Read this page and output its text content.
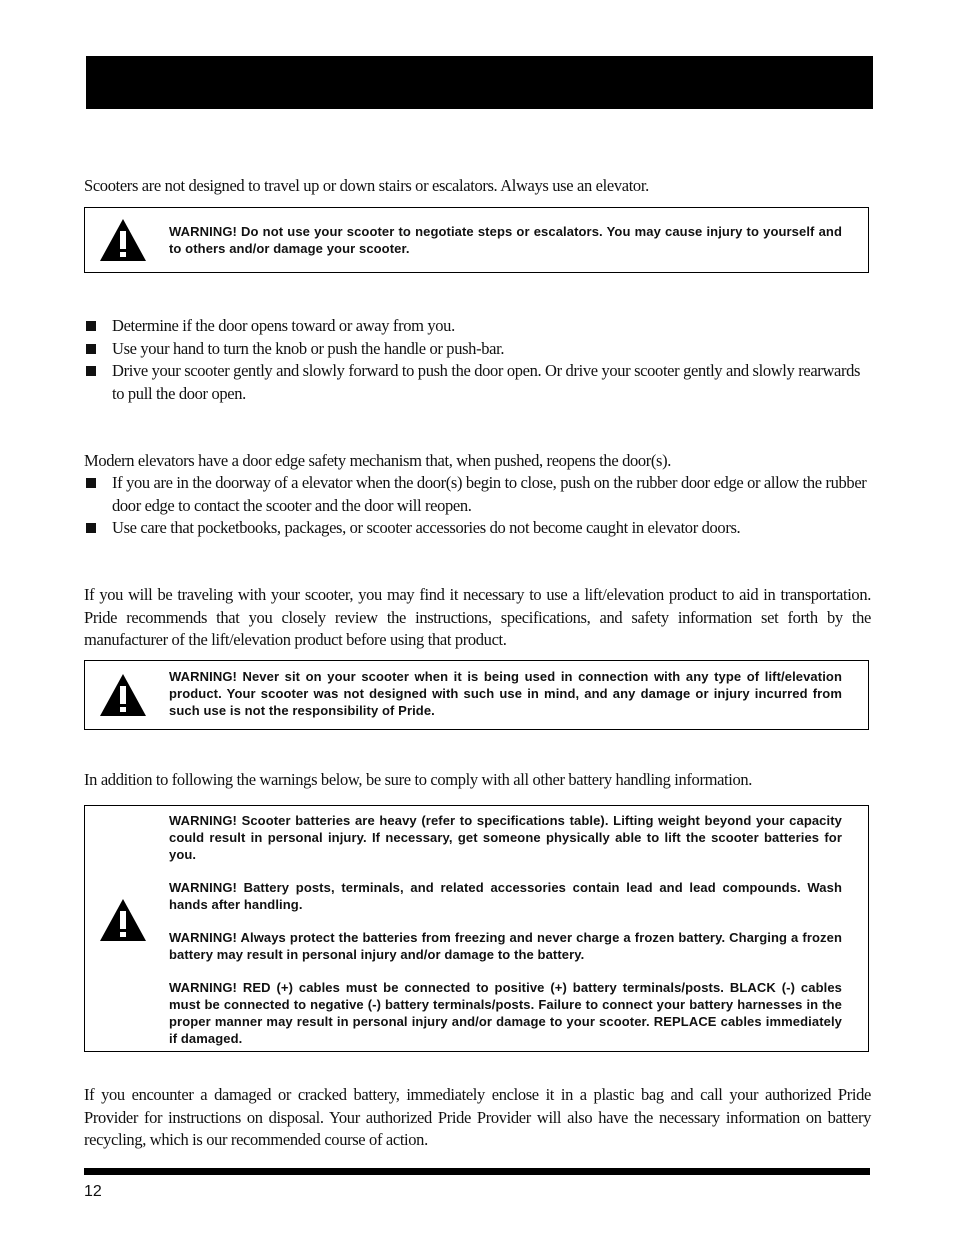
Scooters are not designed to travel up or down stairs or escalators. Always use an elevator.
WARNING! Do not use your scooter to negotiate steps or escalators. You may cause injury to yourself and to others and/or damage your scooter.
Determine if the door opens toward or away from you.
Use your hand to turn the knob or push the handle or push-bar.
Drive your scooter gently and slowly forward to push the door open. Or drive your scooter gently and slowly rearwards to pull the door open.
Modern elevators have a door edge safety mechanism that, when pushed, reopens the door(s).
If you are in the doorway of a elevator when the door(s) begin to close, push on the rubber door edge or allow the rubber door edge to contact the scooter and the door will reopen.
Use care that pocketbooks, packages, or scooter accessories do not become caught in elevator doors.
If you will be traveling with your scooter, you may find it necessary to use a lift/elevation product to aid in transportation. Pride recommends that you closely review the instructions, specifications, and safety information set forth by the manufacturer of the lift/elevation product before using that product.
WARNING! Never sit on your scooter when it is being used in connection with any type of lift/elevation product. Your scooter was not designed with such use in mind, and any damage or injury incurred from such use is not the responsibility of Pride.
In addition to following the warnings below, be sure to comply with all other battery handling information.

WARNING! Scooter batteries are heavy (refer to specifications table). Lifting weight beyond your capacity could result in personal injury. If necessary, get someone physically able to lift the scooter batteries for you.

WARNING! Battery posts, terminals, and related accessories contain lead and lead compounds. Wash hands after handling.

WARNING! Always protect the batteries from freezing and never charge a frozen battery. Charging a frozen battery may result in personal injury and/or damage to the battery.

WARNING! RED (+) cables must be connected to positive (+) battery terminals/posts. BLACK (-) cables must be connected to negative (-) battery terminals/posts. Failure to connect your battery harnesses in the proper manner may result in personal injury and/or damage to your scooter. REPLACE cables immediately if damaged.

If you encounter a damaged or cracked battery, immediately enclose it in a plastic bag and call your authorized Pride Provider for instructions on disposal. Your authorized Pride Provider will also have the necessary information on battery recycling, which is our recommended course of action.
12
